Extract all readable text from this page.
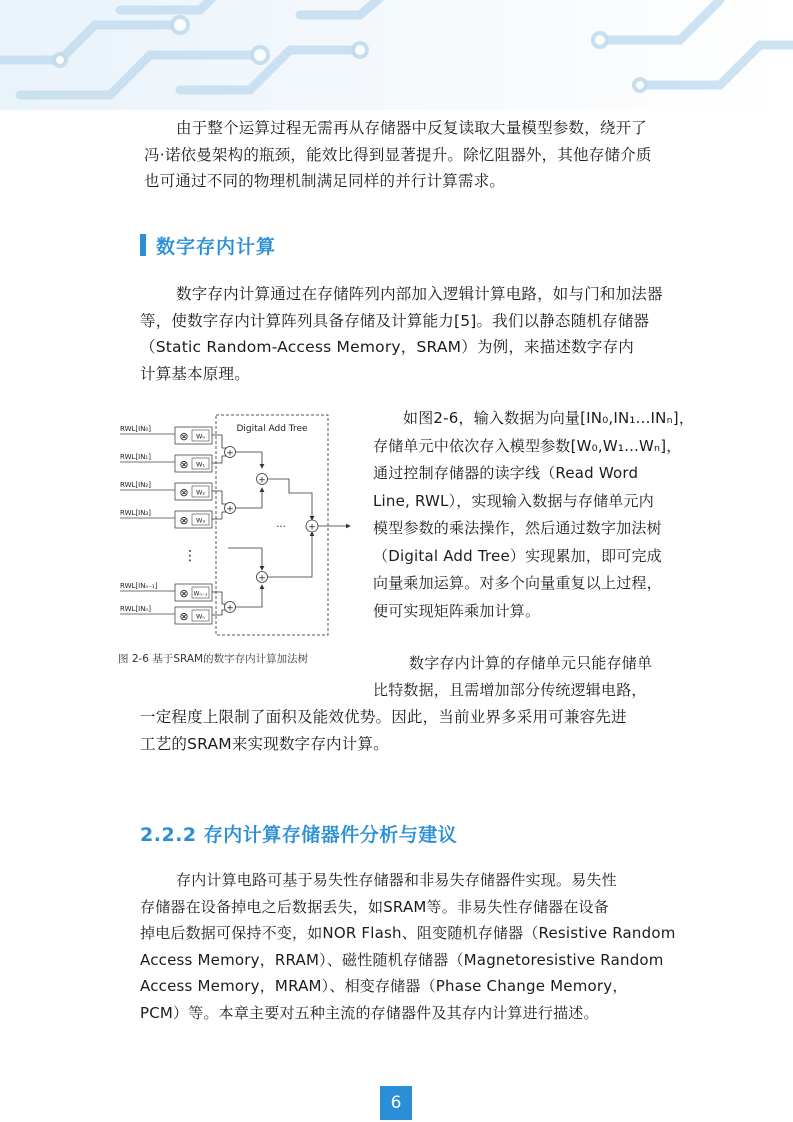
由于整个运算过程无需再从存储器中反复读取大量模型参数，绕开了
冯·诺依曼架构的瓶颈，能效比得到显著提升。除忆阻器外，其他存储介质
也可通过不同的物理机制满足同样的并行计算需求。

数字存内计算

数字存内计算通过在存储阵列内部加入逻辑计算电路，如与门和加法器
等，使数字存内计算阵列具备存储及计算能力[5]。我们以静态随机存储器
（Static Random-Access Memory，SRAM）为例，来描述数字存内
计算基本原理。

Digital Add Tree
RWL[IN₀]
⊗ W₀
RWL[IN₁]
⊗ W₁
RWL[IN₂]
⊗ W₂
RWL[IN₃]
⊗ W₃
⋮
RWL[INₙ₋₁]
⊗ Wₙ₋₁
RWL[INₙ]
⊗ Wₙ
+
+
+
+
+
··· +
图 2-6 基于SRAM的数字存内计算加法树

如图2-6，输入数据为向量[IN₀,IN₁...INₙ]，
存储单元中依次存入模型参数[W₀,W₁...Wₙ]，
通过控制存储器的读字线（Read Word
Line, RWL），实现输入数据与存储单元内
模型参数的乘法操作，然后通过数字加法树
（Digital Add Tree）实现累加，即可完成
向量乘加运算。对多个向量重复以上过程，
便可实现矩阵乘加计算。

数字存内计算的存储单元只能存储单
比特数据，且需增加部分传统逻辑电路，

一定程度上限制了面积及能效优势。因此，当前业界多采用可兼容先进
工艺的SRAM来实现数字存内计算。

2.2.2 存内计算存储器件分析与建议

存内计算电路可基于易失性存储器和非易失存储器件实现。易失性
存储器在设备掉电之后数据丢失，如SRAM等。非易失性存储器在设备
掉电后数据可保持不变，如NOR Flash、阻变随机存储器（Resistive Random
Access Memory，RRAM）、磁性随机存储器（Magnetoresistive Random
Access Memory，MRAM）、相变存储器（Phase Change Memory，
PCM）等。本章主要对五种主流的存储器件及其存内计算进行描述。

6
